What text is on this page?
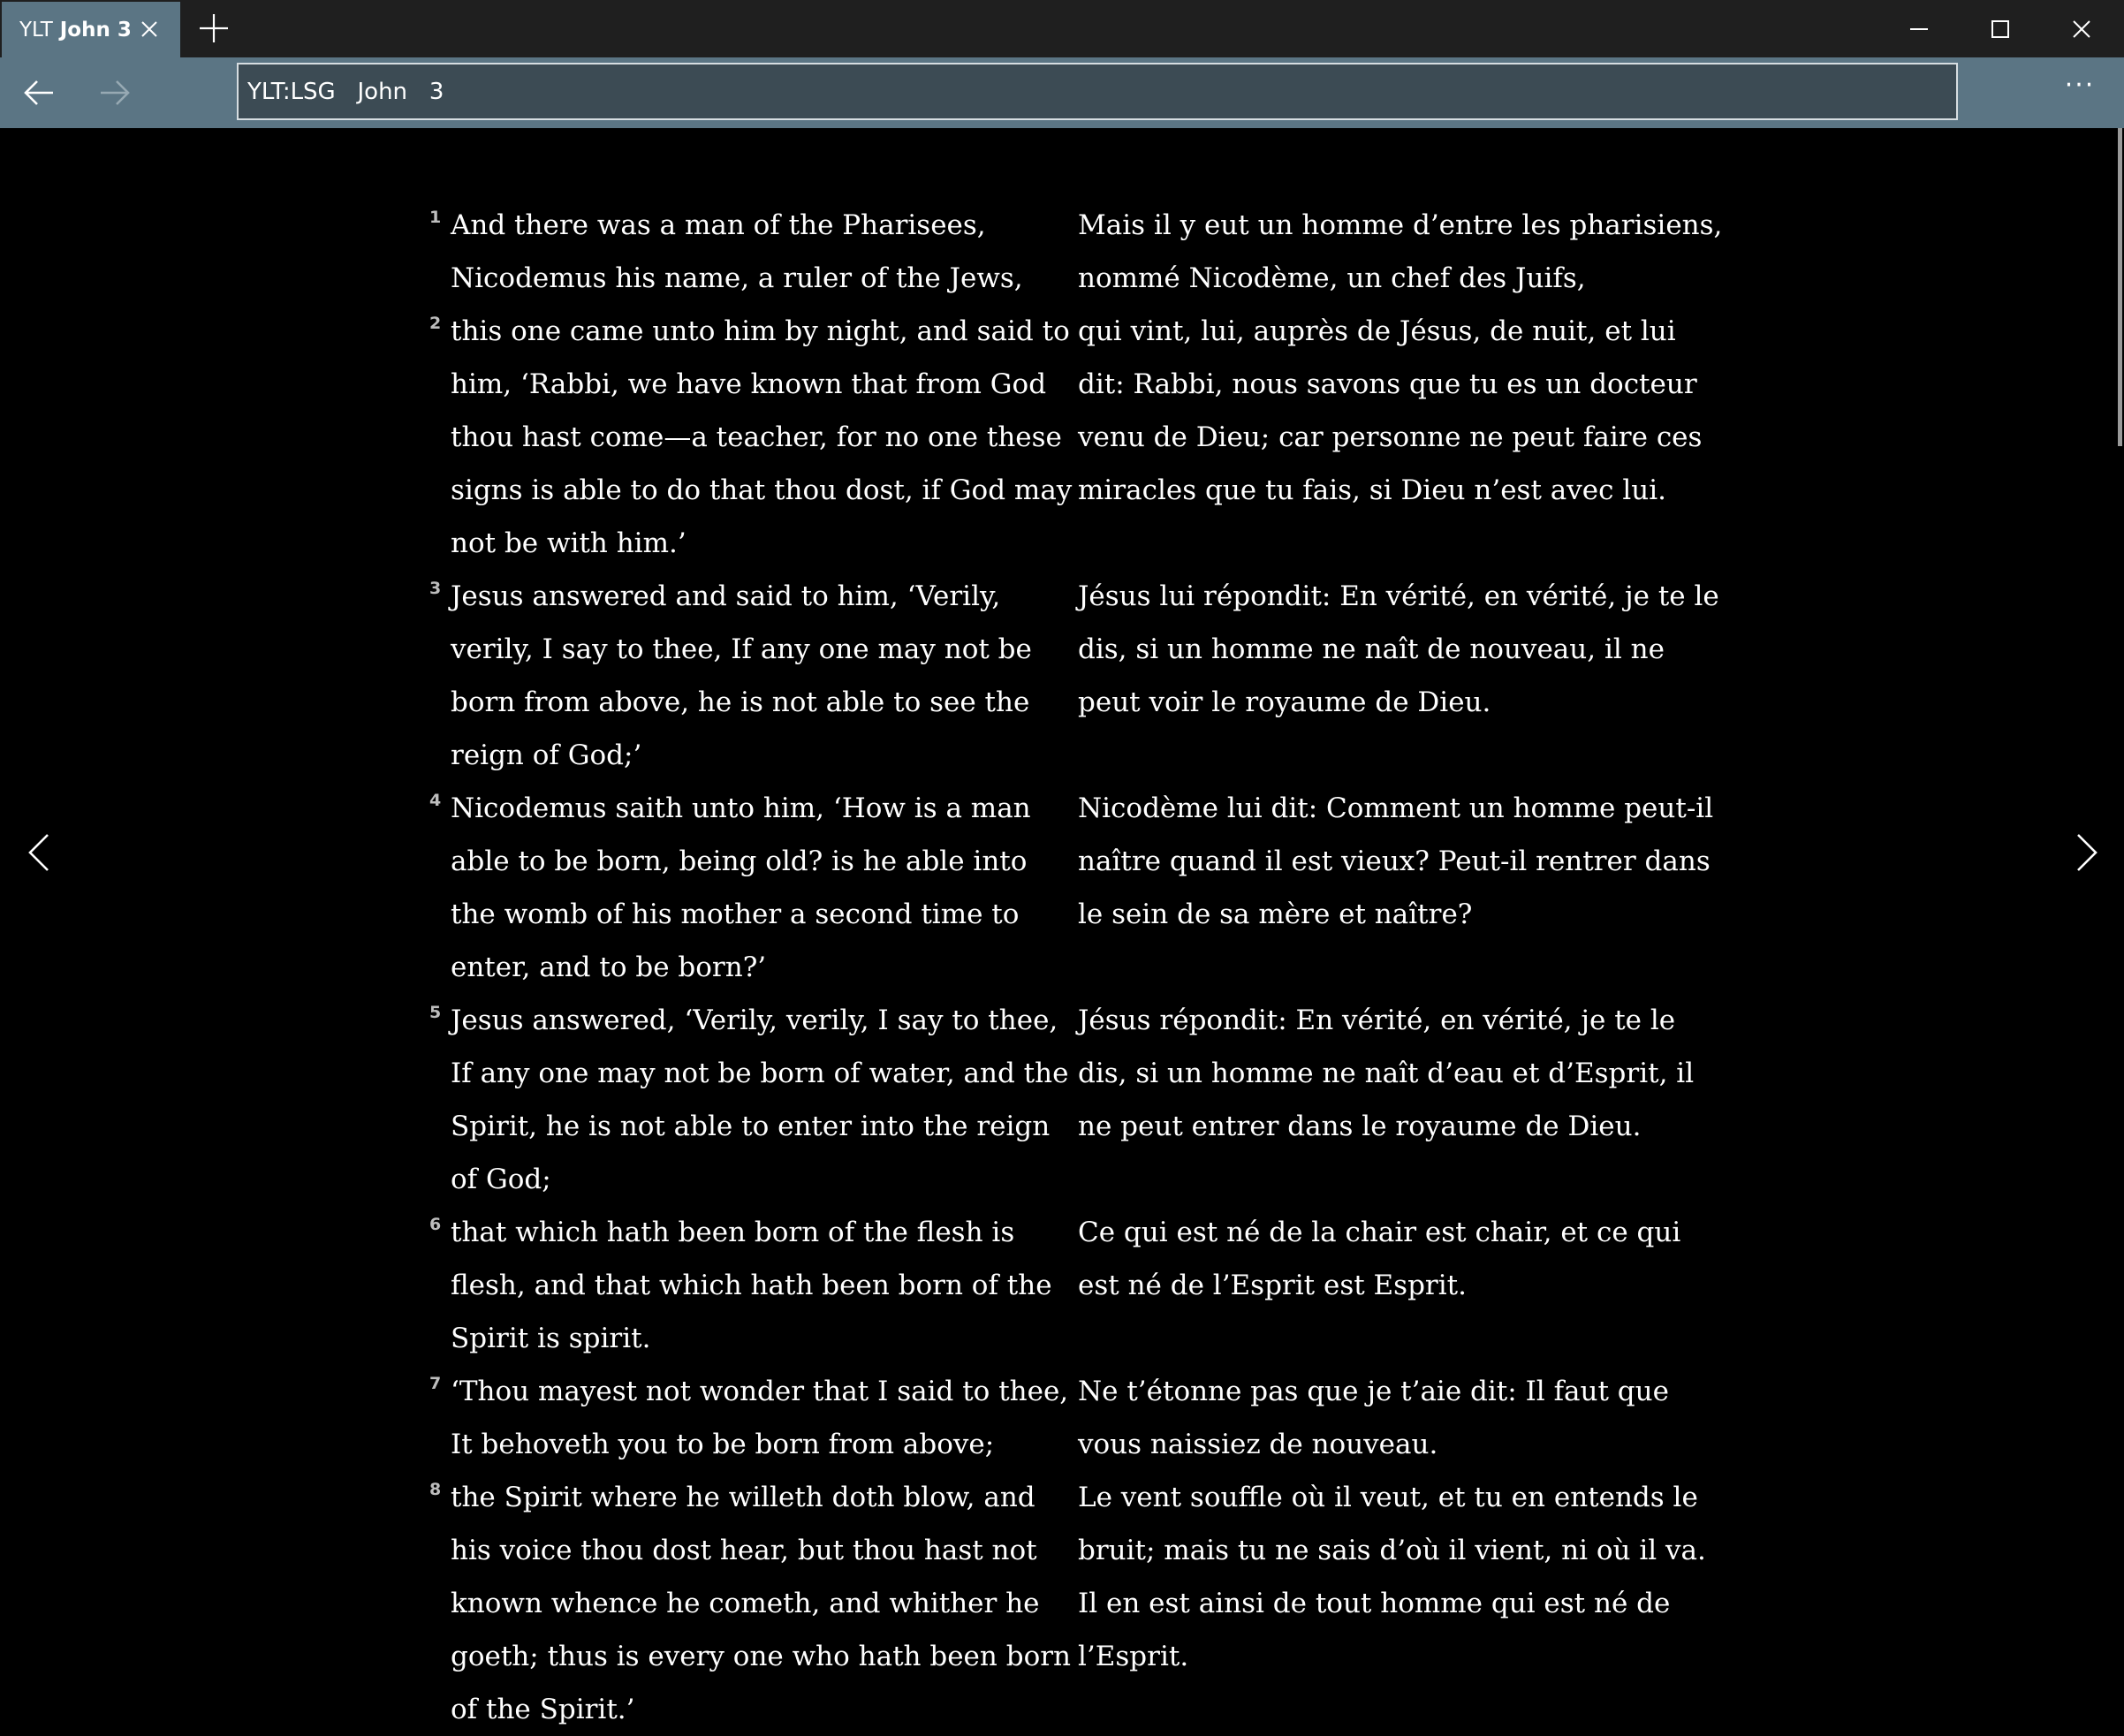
YLT John 3
YLT:LSG   John   3	···
1 And there was a man of the Pharisees, Nicodemus his name, a ruler of the Jews,

Mais il y eut un homme d’entre les pharisiens, nommé Nicodème, un chef des Juifs,

2 this one came unto him by night, and said to him, ‘Rabbi, we have known that from God thou hast come—a teacher, for no one these signs is able to do that thou dost, if God may not be with him.’

qui vint, lui, auprès de Jésus, de nuit, et lui dit: Rabbi, nous savons que tu es un docteur venu de Dieu; car personne ne peut faire ces miracles que tu fais, si Dieu n’est avec lui.

3 Jesus answered and said to him, ‘Verily, verily, I say to thee, If any one may not be born from above, he is not able to see the reign of God;’

Jésus lui répondit: En vérité, en vérité, je te le dis, si un homme ne naît de nouveau, il ne peut voir le royaume de Dieu.

4 Nicodemus saith unto him, ‘How is a man able to be born, being old? is he able into the womb of his mother a second time to enter, and to be born?’

Nicodème lui dit: Comment un homme peut-il naître quand il est vieux? Peut-il rentrer dans le sein de sa mère et naître?

5 Jesus answered, ‘Verily, verily, I say to thee, If any one may not be born of water, and the Spirit, he is not able to enter into the reign of God;

Jésus répondit: En vérité, en vérité, je te le dis, si un homme ne naît d’eau et d’Esprit, il ne peut entrer dans le royaume de Dieu.

6 that which hath been born of the flesh is flesh, and that which hath been born of the Spirit is spirit.

Ce qui est né de la chair est chair, et ce qui est né de l’Esprit est Esprit.

7 ‘Thou mayest not wonder that I said to thee, It behoveth you to be born from above;

Ne t’étonne pas que je t’aie dit: Il faut que vous naissiez de nouveau.

8 the Spirit where he willeth doth blow, and his voice thou dost hear, but thou hast not known whence he cometh, and whither he goeth; thus is every one who hath been born of the Spirit.’

Le vent souffle où il veut, et tu en entends le bruit; mais tu ne sais d’où il vient, ni où il va. Il en est ainsi de tout homme qui est né de l’Esprit.
